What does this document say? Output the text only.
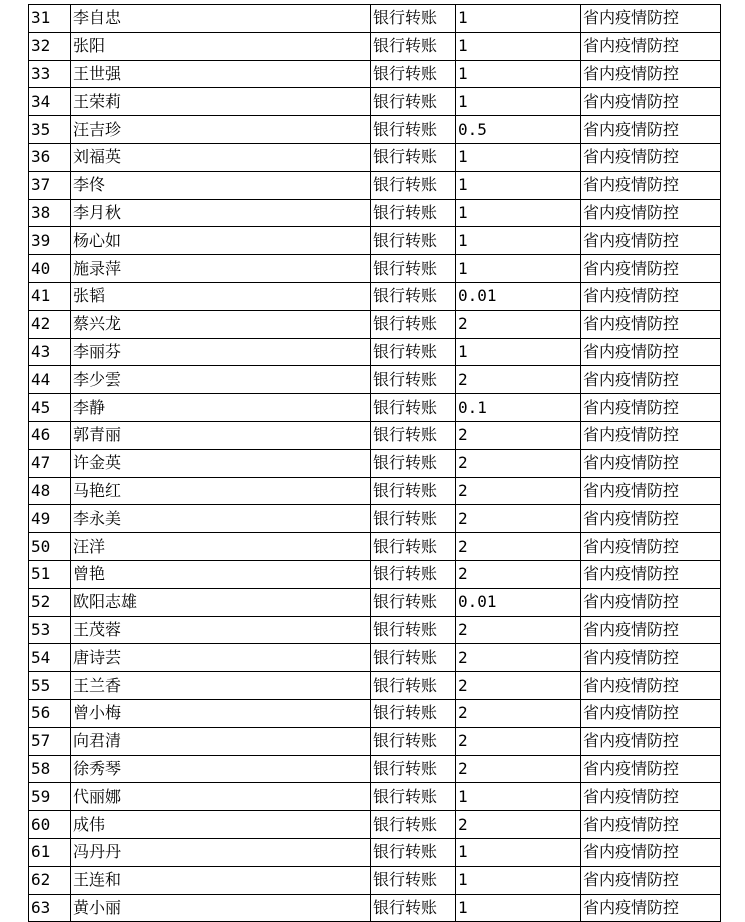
31	李自忠	银行转账	1	省内疫情防控
32	张阳	银行转账	1	省内疫情防控
33	王世强	银行转账	1	省内疫情防控
34	王荣莉	银行转账	1	省内疫情防控
35	汪吉珍	银行转账	0.5	省内疫情防控
36	刘福英	银行转账	1	省内疫情防控
37	李佟	银行转账	1	省内疫情防控
38	李月秋	银行转账	1	省内疫情防控
39	杨心如	银行转账	1	省内疫情防控
40	施录萍	银行转账	1	省内疫情防控
41	张韬	银行转账	0.01	省内疫情防控
42	蔡兴龙	银行转账	2	省内疫情防控
43	李丽芬	银行转账	1	省内疫情防控
44	李少雲	银行转账	2	省内疫情防控
45	李静	银行转账	0.1	省内疫情防控
46	郭青丽	银行转账	2	省内疫情防控
47	许金英	银行转账	2	省内疫情防控
48	马艳红	银行转账	2	省内疫情防控
49	李永美	银行转账	2	省内疫情防控
50	汪洋	银行转账	2	省内疫情防控
51	曾艳	银行转账	2	省内疫情防控
52	欧阳志雄	银行转账	0.01	省内疫情防控
53	王茂蓉	银行转账	2	省内疫情防控
54	唐诗芸	银行转账	2	省内疫情防控
55	王兰香	银行转账	2	省内疫情防控
56	曾小梅	银行转账	2	省内疫情防控
57	向君清	银行转账	2	省内疫情防控
58	徐秀琴	银行转账	2	省内疫情防控
59	代丽娜	银行转账	1	省内疫情防控
60	成伟	银行转账	2	省内疫情防控
61	冯丹丹	银行转账	1	省内疫情防控
62	王连和	银行转账	1	省内疫情防控
63	黄小丽	银行转账	1	省内疫情防控
